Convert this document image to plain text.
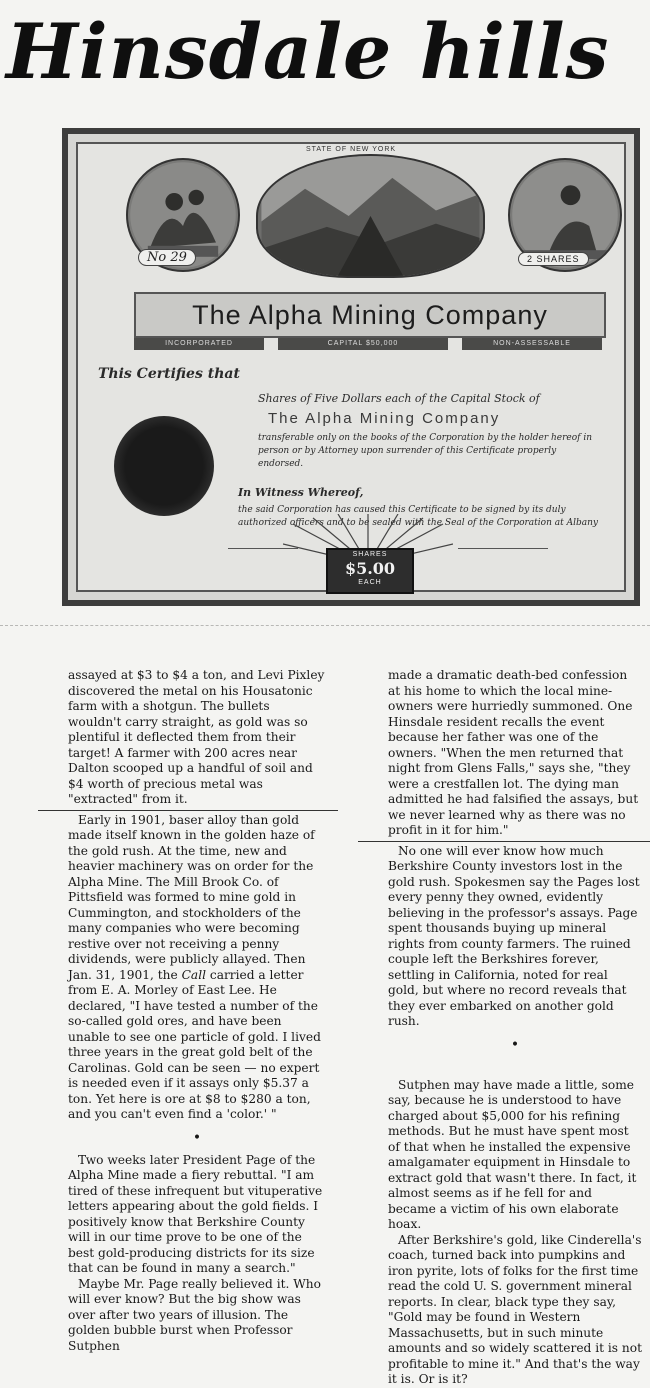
Hinsdale hills
STATE OF NEW YORK
No 29	2 SHARES
The Alpha Mining Company
INCORPORATED	CAPITAL $50,000	NON-ASSESSABLE
This Certifies that
Shares of Five Dollars each of the Capital Stock of
The Alpha Mining Company
transferable only on the books of the Corporation by the holder hereof in person or by Attorney upon surrender of this Certificate properly endorsed.
In Witness Whereof,
the said Corporation has caused this Certificate to be signed by its duly authorized officers and to be sealed with the Seal of the Corporation at Albany
SHARES
$5.00
EACH

assayed at $3 to $4 a ton, and Levi Pixley discovered the metal on his Housatonic farm with a shotgun. The bullets wouldn't carry straight, as gold was so plentiful it deflected them from their target! A farmer with 200 acres near Dalton scooped up a handful of soil and $4 worth of precious metal was "extracted" from it.

Early in 1901, baser alloy than gold made itself known in the golden haze of the gold rush. At the time, new and heavier machinery was on order for the Alpha Mine. The Mill Brook Co. of Pittsfield was formed to mine gold in Cummington, and stockholders of the many companies who were becoming restive over not receiving a penny dividends, were publicly allayed. Then Jan. 31, 1901, the Call carried a letter from E. A. Morley of East Lee. He declared, "I have tested a number of the so-called gold ores, and have been unable to see one particle of gold. I lived three years in the great gold belt of the Carolinas. Gold can be seen — no expert is needed even if it assays only $5.37 a ton. Yet here is ore at $8 to $280 a ton, and you can't even find a 'color.' "

•

Two weeks later President Page of the Alpha Mine made a fiery rebuttal. "I am tired of these infrequent but vituperative letters appearing about the gold fields. I positively know that Berkshire County will in our time prove to be one of the best gold-producing districts for its size that can be found in many a search."

Maybe Mr. Page really believed it. Who will ever know? But the big show was over after two years of illusion. The golden bubble burst when Professor Sutphen

made a dramatic death-bed confession at his home to which the local mine-owners were hurriedly summoned. One Hinsdale resident recalls the event because her father was one of the owners. "When the men returned that night from Glens Falls," says she, "they were a crestfallen lot. The dying man admitted he had falsified the assays, but we never learned why as there was no profit in it for him."

No one will ever know how much Berkshire County investors lost in the gold rush. Spokesmen say the Pages lost every penny they owned, evidently believing in the professor's assays. Page spent thousands buying up mineral rights from county farmers. The ruined couple left the Berkshires forever, settling in California, noted for real gold, but where no record reveals that they ever embarked on another gold rush.

•

Sutphen may have made a little, some say, because he is understood to have charged about $5,000 for his refining methods. But he must have spent most of that when he installed the expensive amalgamater equipment in Hinsdale to extract gold that wasn't there. In fact, it almost seems as if he fell for and became a victim of his own elaborate hoax.

After Berkshire's gold, like Cinderella's coach, turned back into pumpkins and iron pyrite, lots of folks for the first time read the cold U. S. government mineral reports. In clear, black type they say, "Gold may be found in Western Massachusetts, but in such minute amounts and so widely scattered it is not profitable to mine it." And that's the way it is. Or is it?
